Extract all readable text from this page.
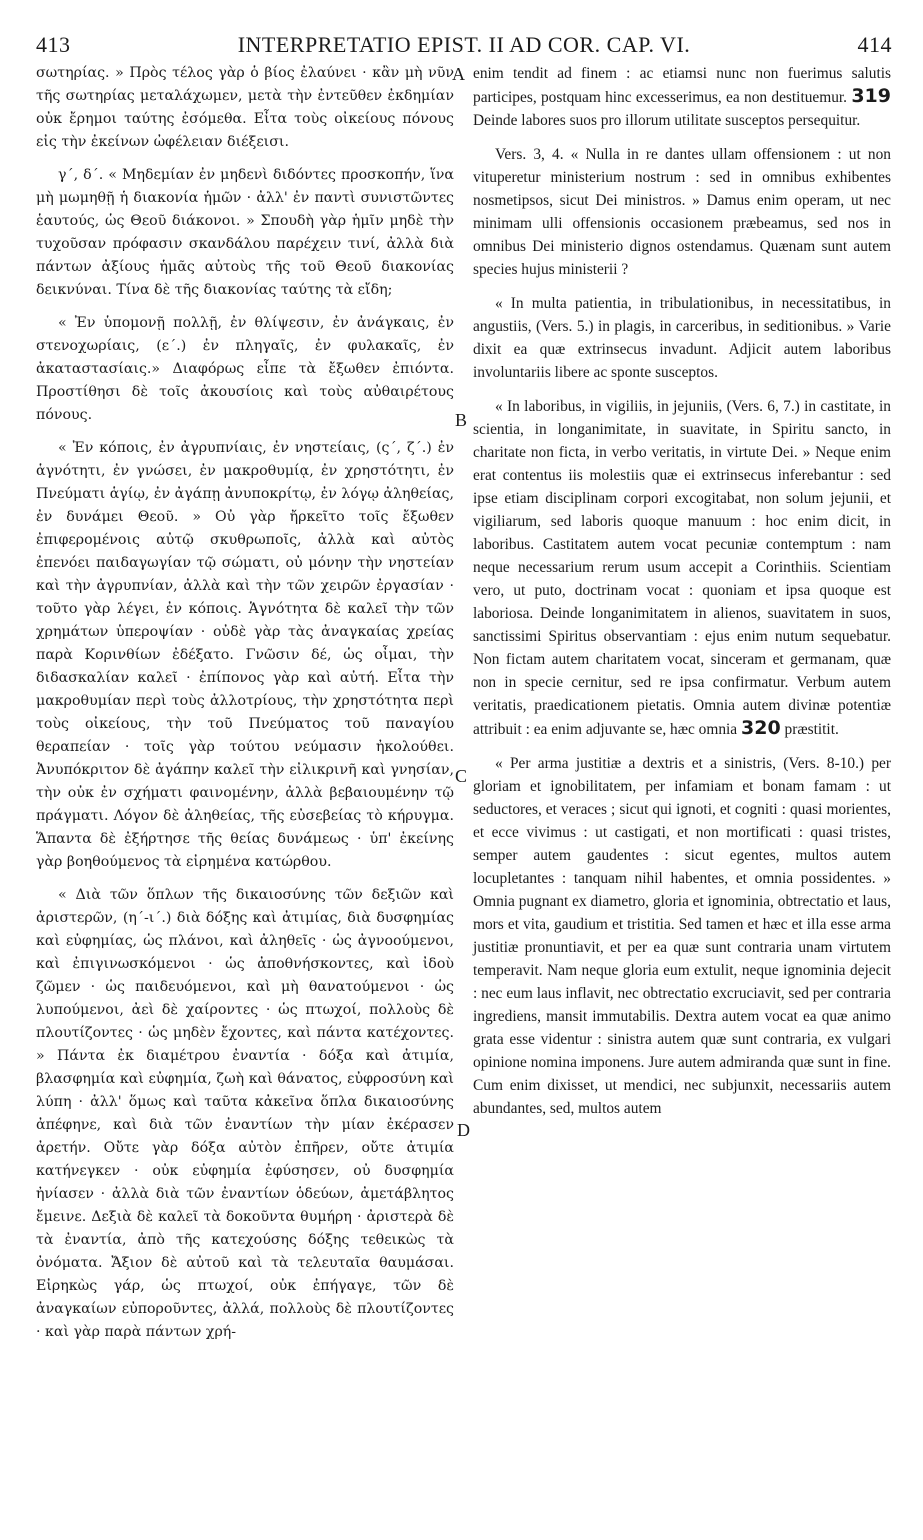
413	INTERPRETATIO EPIST. II AD COR. CAP. VI.	414
A
B
C
D

σωτηρίας. » Πρὸς τέλος γὰρ ὁ βίος ἐλαύνει · κἂν μὴ νῦν τῆς σωτηρίας μεταλάχωμεν, μετὰ τὴν ἐντεῦθεν ἐκδημίαν οὐκ ἔρημοι ταύτης ἐσόμεθα. Εἶτα τοὺς οἰκείους πόνους εἰς τὴν ἐκείνων ὠφέλειαν διέξεισι.

γ΄, δ΄. « Μηδεμίαν ἐν μηδενὶ διδόντες προσκοπήν, ἵνα μὴ μωμηθῇ ἡ διακονία ἡμῶν · ἀλλ' ἐν παντὶ συνιστῶντες ἑαυτούς, ὡς Θεοῦ διάκονοι. » Σπουδὴ γὰρ ἡμῖν μηδὲ τὴν τυχοῦσαν πρόφασιν σκανδάλου παρέχειν τινί, ἀλλὰ διὰ πάντων ἀξίους ἡμᾶς αὐτοὺς τῆς τοῦ Θεοῦ διακονίας δεικνύναι. Τίνα δὲ τῆς διακονίας ταύτης τὰ εἴδη;

« Ἐν ὑπομονῇ πολλῇ, ἐν θλίψεσιν, ἐν ἀνάγκαις, ἐν στενοχωρίαις, (ε΄.) ἐν πληγαῖς, ἐν φυλακαῖς, ἐν ἀκαταστασίαις.» Διαφόρως εἶπε τὰ ἔξωθεν ἐπιόντα. Προστίθησι δὲ τοῖς ἀκουσίοις καὶ τοὺς αὐθαιρέτους πόνους.

« Ἐν κόποις, ἐν ἀγρυπνίαις, ἐν νηστείαις, (ς΄, ζ΄.) ἐν ἁγνότητι, ἐν γνώσει, ἐν μακροθυμίᾳ, ἐν χρηστότητι, ἐν Πνεύματι ἁγίῳ, ἐν ἀγάπῃ ἀνυποκρίτῳ, ἐν λόγῳ ἀληθείας, ἐν δυνάμει Θεοῦ. » Οὐ γὰρ ἤρκεῖτο τοῖς ἔξωθεν ἐπιφερομένοις αὐτῷ σκυθρωποῖς, ἀλλὰ καὶ αὐτὸς ἐπενόει παιδαγωγίαν τῷ σώματι, οὐ μόνην τὴν νηστείαν καὶ τὴν ἀγρυπνίαν, ἀλλὰ καὶ τὴν τῶν χειρῶν ἐργασίαν · τοῦτο γὰρ λέγει, ἐν κόποις. Ἁγνότητα δὲ καλεῖ τὴν τῶν χρημάτων ὑπεροψίαν · οὐδὲ γὰρ τὰς ἀναγκαίας χρείας παρὰ Κορινθίων ἐδέξατο. Γνῶσιν δέ, ὡς οἶμαι, τὴν διδασκαλίαν καλεῖ · ἐπίπονος γὰρ καὶ αὐτή. Εἶτα τὴν μακροθυμίαν περὶ τοὺς ἀλλοτρίους, τὴν χρηστότητα περὶ τοὺς οἰκείους, τὴν τοῦ Πνεύματος τοῦ παναγίου θεραπείαν · τοῖς γὰρ τούτου νεύμασιν ἠκολούθει. Ἀνυπόκριτον δὲ ἀγάπην καλεῖ τὴν εἰλικρινῆ καὶ γνησίαν, τὴν οὐκ ἐν σχήματι φαινομένην, ἀλλὰ βεβαιουμένην τῷ πράγματι. Λόγον δὲ ἀληθείας, τῆς εὐσεβείας τὸ κήρυγμα. Ἅπαντα δὲ ἐξήρτησε τῆς θείας δυνάμεως · ὑπ' ἐκείνης γὰρ βοηθούμενος τὰ εἰρημένα κατώρθου.

« Διὰ τῶν ὅπλων τῆς δικαιοσύνης τῶν δεξιῶν καὶ ἀριστερῶν, (η΄-ι΄.) διὰ δόξης καὶ ἀτιμίας, διὰ δυσφημίας καὶ εὐφημίας, ὡς πλάνοι, καὶ ἀληθεῖς · ὡς ἀγνοούμενοι, καὶ ἐπιγινωσκόμενοι · ὡς ἀποθνήσκοντες, καὶ ἰδοὺ ζῶμεν · ὡς παιδευόμενοι, καὶ μὴ θανατούμενοι · ὡς λυπούμενοι, ἀεὶ δὲ χαίροντες · ὡς πτωχοί, πολλοὺς δὲ πλουτίζοντες · ὡς μηδὲν ἔχοντες, καὶ πάντα κατέχοντες. » Πάντα ἐκ διαμέτρου ἐναντία · δόξα καὶ ἀτιμία, βλασφημία καὶ εὐφημία, ζωὴ καὶ θάνατος, εὐφροσύνη καὶ λύπη · ἀλλ' ὅμως καὶ ταῦτα κἀκεῖνα ὅπλα δικαιοσύνης ἀπέφηνε, καὶ διὰ τῶν ἐναντίων τὴν μίαν ἐκέρασεν ἀρετήν. Οὔτε γὰρ δόξα αὐτὸν ἐπῆρεν, οὔτε ἀτιμία κατήνεγκεν · οὐκ εὐφημία ἐφύσησεν, οὐ δυσφημία ἠνίασεν · ἀλλὰ διὰ τῶν ἐναντίων ὁδεύων, ἀμετάβλητος ἔμεινε. Δεξιὰ δὲ καλεῖ τὰ δοκοῦντα θυμήρη · ἀριστερὰ δὲ τὰ ἐναντία, ἀπὸ τῆς κατεχούσης δόξης τεθεικὼς τὰ ὀνόματα. Ἄξιον δὲ αὐτοῦ καὶ τὰ τελευταῖα θαυμάσαι. Εἰρηκὼς γάρ, ὡς πτωχοί, οὐκ ἐπήγαγε, τῶν δὲ ἀναγκαίων εὐποροῦντες, ἀλλά, πολλοὺς δὲ πλουτίζοντες · καὶ γὰρ παρὰ πάντων χρή-

enim tendit ad finem : ac etiamsi nunc non fuerimus salutis participes, postquam hinc excesserimus, ea non destituemur. 319 Deinde labores suos pro illorum utilitate susceptos persequitur.

Vers. 3, 4. « Nulla in re dantes ullam offensionem : ut non vituperetur ministerium nostrum : sed in omnibus exhibentes nosmetipsos, sicut Dei ministros. » Damus enim operam, ut nec minimam ulli offensionis occasionem præbeamus, sed nos in omnibus Dei ministerio dignos ostendamus. Quænam sunt autem species hujus ministerii ?

« In multa patientia, in tribulationibus, in necessitatibus, in angustiis, (Vers. 5.) in plagis, in carceribus, in seditionibus. » Varie dixit ea quæ extrinsecus invadunt. Adjicit autem laboribus involuntariis libere ac sponte susceptos.

« In laboribus, in vigiliis, in jejuniis, (Vers. 6, 7.) in castitate, in scientia, in longanimitate, in suavitate, in Spiritu sancto, in charitate non ficta, in verbo veritatis, in virtute Dei. » Neque enim erat contentus iis molestiis quæ ei extrinsecus inferebantur : sed ipse etiam disciplinam corpori excogitabat, non solum jejunii, et vigiliarum, sed laboris quoque manuum : hoc enim dicit, in laboribus. Castitatem autem vocat pecuniæ contemptum : nam neque necessarium rerum usum accepit a Corinthiis. Scientiam vero, ut puto, doctrinam vocat : quoniam et ipsa quoque est laboriosa. Deinde longanimitatem in alienos, suavitatem in suos, sanctissimi Spiritus observantiam : ejus enim nutum sequebatur. Non fictam autem charitatem vocat, sinceram et germanam, quæ non in specie cernitur, sed re ipsa confirmatur. Verbum autem veritatis, praedicationem pietatis. Omnia autem divinæ potentiæ attribuit : ea enim adjuvante se, hæc omnia 320 præstitit.

« Per arma justitiæ a dextris et a sinistris, (Vers. 8-10.) per gloriam et ignobilitatem, per infamiam et bonam famam : ut seductores, et veraces ; sicut qui ignoti, et cogniti : quasi morientes, et ecce vivimus : ut castigati, et non mortificati : quasi tristes, semper autem gaudentes : sicut egentes, multos autem locupletantes : tanquam nihil habentes, et omnia possidentes. » Omnia pugnant ex diametro, gloria et ignominia, obtrectatio et laus, mors et vita, gaudium et tristitia. Sed tamen et hæc et illa esse arma justitiæ pronuntiavit, et per ea quæ sunt contraria unam virtutem temperavit. Nam neque gloria eum extulit, neque ignominia dejecit : nec eum laus inflavit, nec obtrectatio excruciavit, sed per contraria ingrediens, mansit immutabilis. Dextra autem vocat ea quæ animo grata esse videntur : sinistra autem quæ sunt contraria, ex vulgari opinione nomina imponens. Jure autem admiranda quæ sunt in fine. Cum enim dixisset, ut mendici, nec subjunxit, necessariis autem abundantes, sed, multos autem
